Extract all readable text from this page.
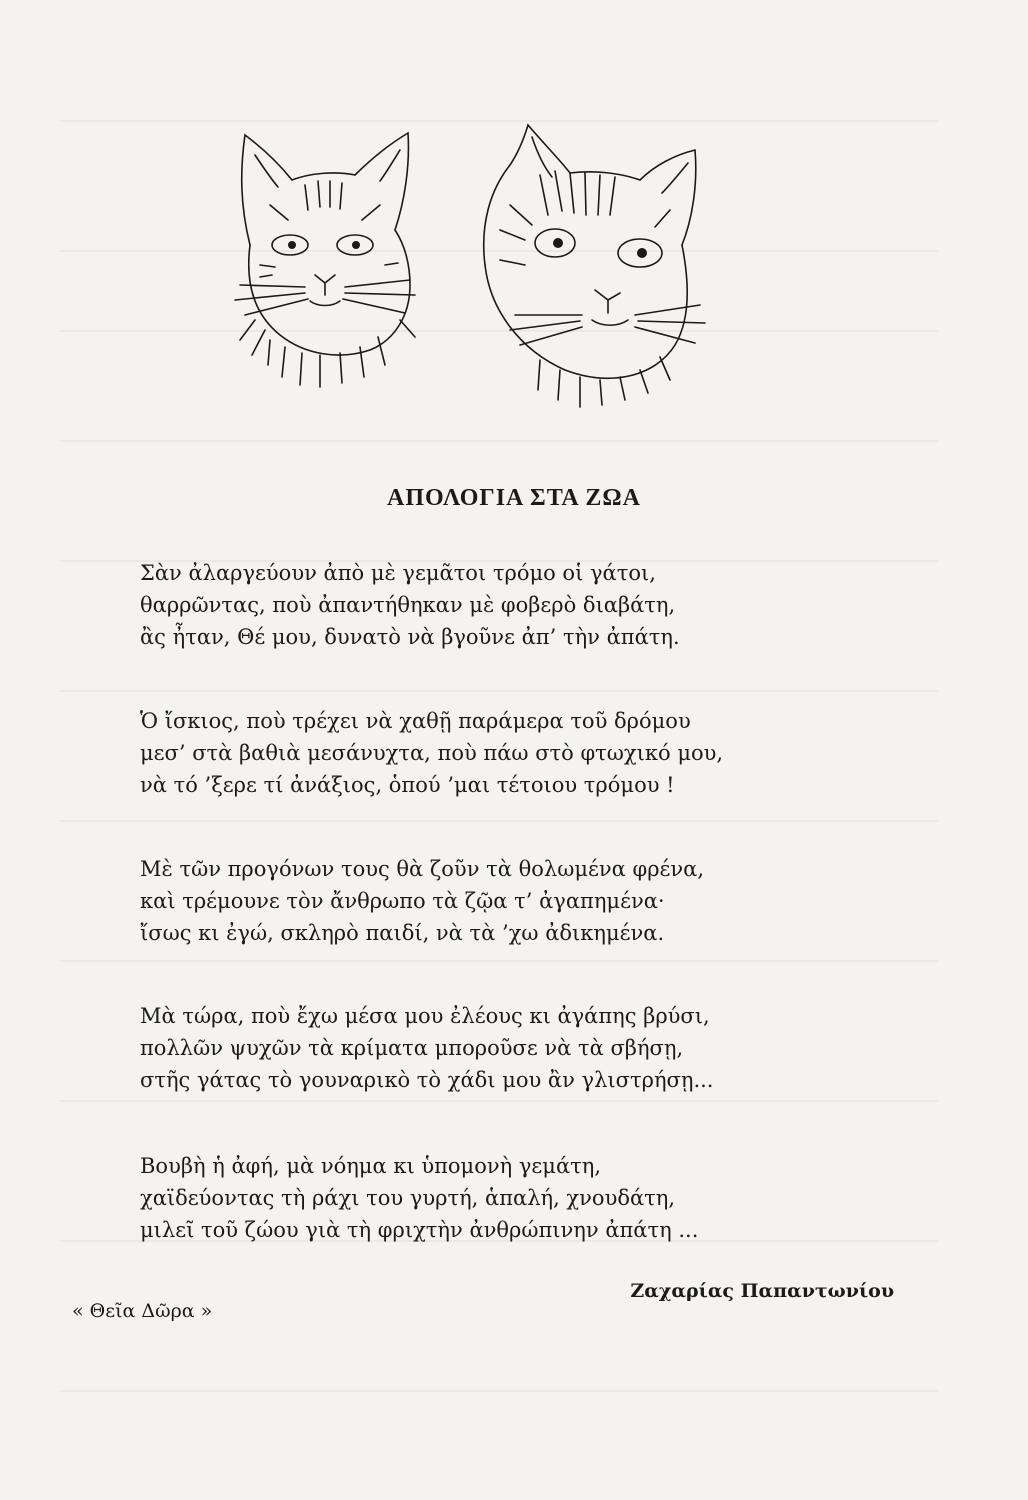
ΑΠΟΛΟΓΙΑ ΣΤΑ ΖΩΑ
Σὰν ἀλαργεύουν ἀπὸ μὲ γεμᾶτοι τρόμο οἱ γάτοι,
θαρρῶντας, ποὺ ἀπαντήθηκαν μὲ φοβερὸ διαβάτη,
ἂς ἦταν, Θέ μου, δυνατὸ νὰ βγοῦνε ἀπ’ τὴν ἀπάτη.
Ὁ ἴσκιος, ποὺ τρέχει νὰ χαθῇ παράμερα τοῦ δρόμου
μεσ’ στὰ βαθιὰ μεσάνυχτα, ποὺ πάω στὸ φτωχικό μου,
νὰ τό ’ξερε τί ἀνάξιος, ὁπού ’μαι τέτοιου τρόμου !
Μὲ τῶν προγόνων τους θὰ ζοῦν τὰ θολωμένα φρένα,
καὶ τρέμουνε τὸν ἄνθρωπο τὰ ζῷα τ’ ἀγαπημένα·
ἴσως κι ἐγώ, σκληρὸ παιδί, νὰ τὰ ’χω ἀδικημένα.
Μὰ τώρα, ποὺ ἔχω μέσα μου ἐλέους κι ἀγάπης βρύσι,
πολλῶν ψυχῶν τὰ κρίματα μποροῦσε νὰ τὰ σβήσῃ,
στῆς γάτας τὸ γουναρικὸ τὸ χάδι μου ἂν γλιστρήσῃ...
Βουβὴ ἡ ἀφή, μὰ νόημα κι ὑπομονὴ γεμάτη,
χαϊδεύοντας τὴ ράχι του γυρτή, ἁπαλή, χνουδάτη,
μιλεῖ τοῦ ζώου γιὰ τὴ φριχτὴν ἀνθρώπινην ἀπάτη ...
« Θεῖα Δῶρα »
Ζαχαρίας Παπαντωνίου
